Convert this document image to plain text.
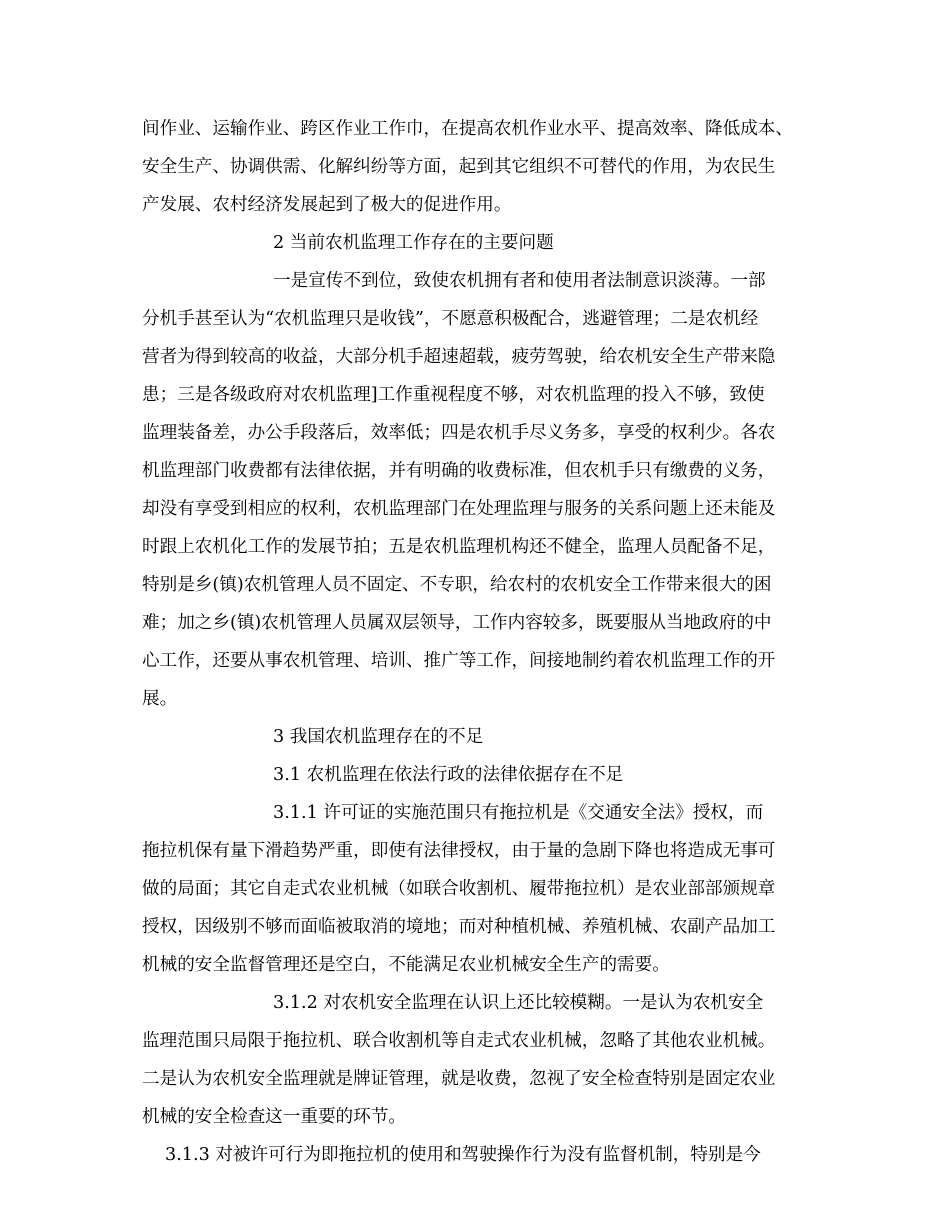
间作业、运输作业、跨区作业工作巾，在提高农机作业水平、提高效率、降低成本、
安全生产、协调供需、化解纠纷等方面，起到其它组织不可替代的作用，为农民生
产发展、农村经济发展起到了极大的促进作用。
2 当前农机监理工作存在的主要问题
一是宣传不到位，致使农机拥有者和使用者法制意识淡薄。一部
分机手甚至认为“农机监理只是收钱”，不愿意积极配合，逃避管理；二是农机经
营者为得到较高的收益，大部分机手超速超载，疲劳驾驶，给农机安全生产带来隐
患；三是各级政府对农机监理]工作重视程度不够，对农机监理的投入不够，致使
监理装备差，办公手段落后，效率低；四是农机手尽义务多，享受的权利少。各农
机监理部门收费都有法律依据，并有明确的收费标准，但农机手只有缴费的义务，
却没有享受到相应的权利，农机监理部门在处理监理与服务的关系问题上还未能及
时跟上农机化工作的发展节拍；五是农机监理机构还不健全，监理人员配备不足，
特别是乡(镇)农机管理人员不固定、不专职，给农村的农机安全工作带来很大的困
难；加之乡(镇)农机管理人员属双层领导，工作内容较多，既要服从当地政府的中
心工作，还要从事农机管理、培训、推广等工作，间接地制约着农机监理工作的开
展。
3 我国农机监理存在的不足
3.1 农机监理在依法行政的法律依据存在不足
3.1.1 许可证的实施范围只有拖拉机是《交通安全法》授权，而
拖拉机保有量下滑趋势严重，即使有法律授权，由于量的急剧下降也将造成无事可
做的局面；其它自走式农业机械（如联合收割机、履带拖拉机）是农业部部颁规章
授权，因级别不够而面临被取消的境地；而对种植机械、养殖机械、农副产品加工
机械的安全监督管理还是空白，不能满足农业机械安全生产的需要。
3.1.2 对农机安全监理在认识上还比较模糊。一是认为农机安全
监理范围只局限于拖拉机、联合收割机等自走式农业机械，忽略了其他农业机械。
二是认为农机安全监理就是牌证管理，就是收费，忽视了安全检查特别是固定农业
机械的安全检查这一重要的环节。
3.1.3 对被许可行为即拖拉机的使用和驾驶操作行为没有监督机制，特别是今
